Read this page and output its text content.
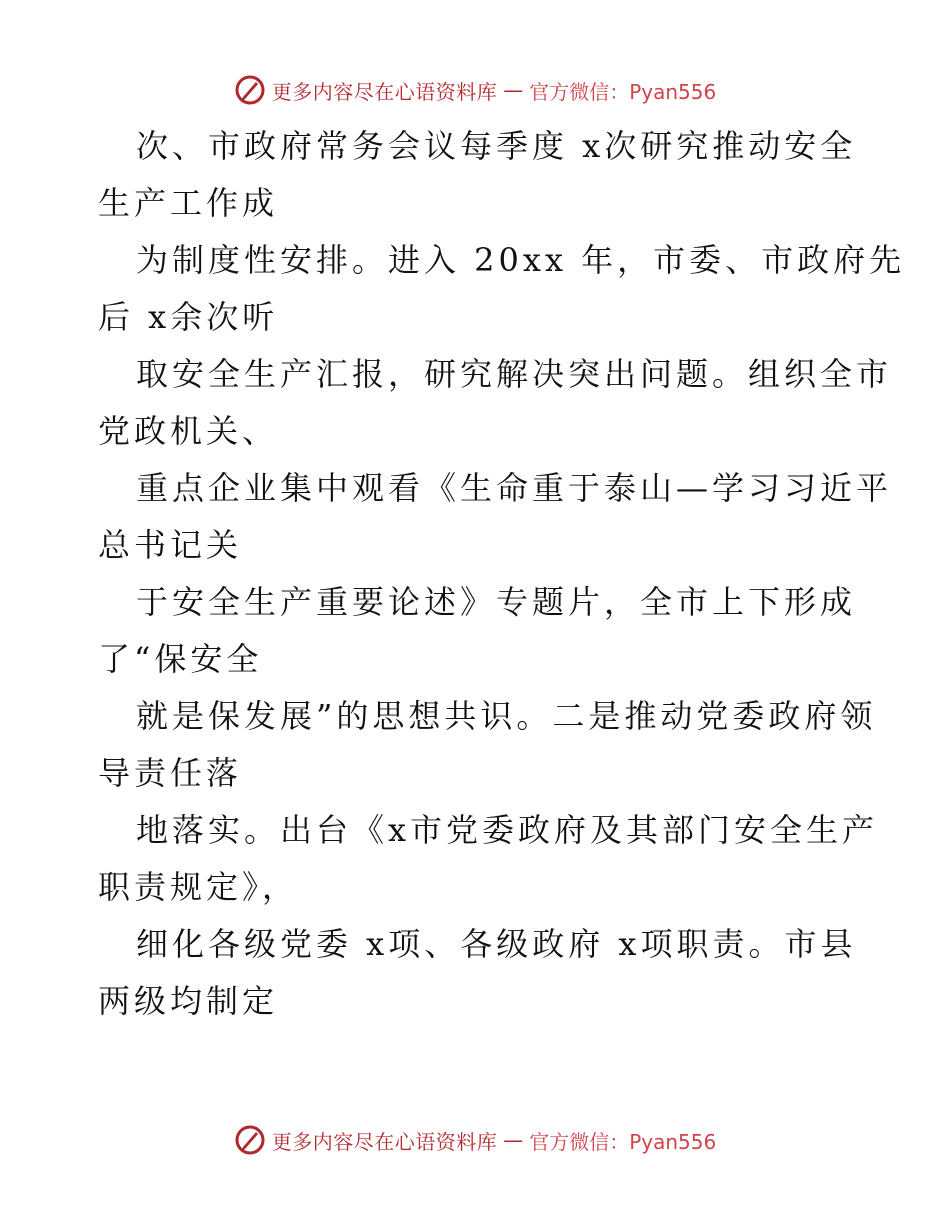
更多内容尽在心语资料库 — 官方微信：Pyan556
次、市政府常务会议每季度 x次研究推动安全
生产工作成
为制度性安排。进入 20xx 年，市委、市政府先
后 x余次听
取安全生产汇报，研究解决突出问题。组织全市
党政机关、
重点企业集中观看《生命重于泰山—学习习近平
总书记关
于安全生产重要论述》专题片，全市上下形成
了“保安全
就是保发展”的思想共识。二是推动党委政府领
导责任落
地落实。出台《x市党委政府及其部门安全生产
职责规定》，
细化各级党委 x项、各级政府 x项职责。市县
两级均制定
更多内容尽在心语资料库 — 官方微信：Pyan556
